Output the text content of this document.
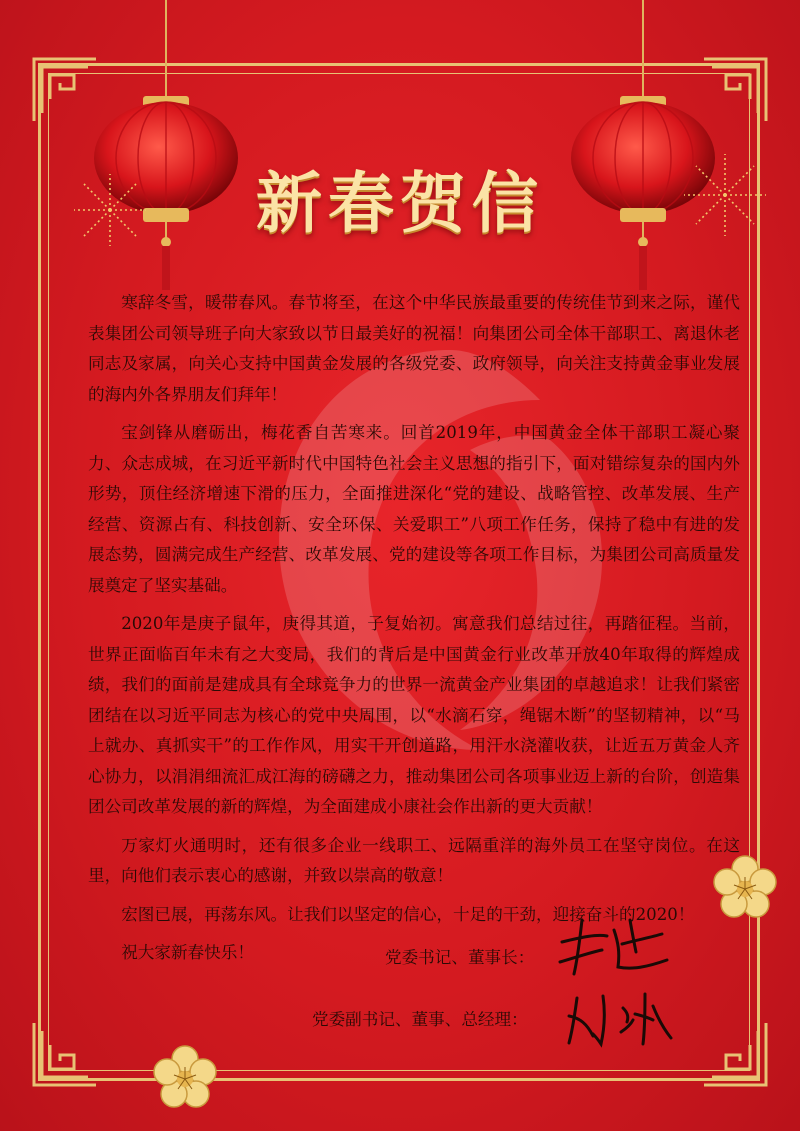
新春贺信

寒辞冬雪，暖带春风。春节将至，在这个中华民族最重要的传统佳节到来之际，谨代表集团公司领导班子向大家致以节日最美好的祝福！向集团公司全体干部职工、离退休老同志及家属，向关心支持中国黄金发展的各级党委、政府领导，向关注支持黄金事业发展的海内外各界朋友们拜年！

宝剑锋从磨砺出，梅花香自苦寒来。回首2019年，中国黄金全体干部职工凝心聚力、众志成城，在习近平新时代中国特色社会主义思想的指引下，面对错综复杂的国内外形势，顶住经济增速下滑的压力，全面推进深化“党的建设、战略管控、改革发展、生产经营、资源占有、科技创新、安全环保、关爱职工”八项工作任务，保持了稳中有进的发展态势，圆满完成生产经营、改革发展、党的建设等各项工作目标，为集团公司高质量发展奠定了坚实基础。

2020年是庚子鼠年，庚得其道，子复始初。寓意我们总结过往，再踏征程。当前，世界正面临百年未有之大变局，我们的背后是中国黄金行业改革开放40年取得的辉煌成绩，我们的面前是建成具有全球竞争力的世界一流黄金产业集团的卓越追求！让我们紧密团结在以习近平同志为核心的党中央周围，以“水滴石穿，绳锯木断”的坚韧精神，以“马上就办、真抓实干”的工作作风，用实干开创道路，用汗水浇灌收获，让近五万黄金人齐心协力，以涓涓细流汇成江海的磅礴之力，推动集团公司各项事业迈上新的台阶，创造集团公司改革发展的新的辉煌，为全面建成小康社会作出新的更大贡献！

万家灯火通明时，还有很多企业一线职工、远隔重洋的海外员工在坚守岗位。在这里，向他们表示衷心的感谢，并致以崇高的敬意！

宏图已展，再荡东风。让我们以坚定的信心，十足的干劲，迎接奋斗的2020！

祝大家新春快乐！	党委书记、董事长：
党委副书记、董事、总经理：
